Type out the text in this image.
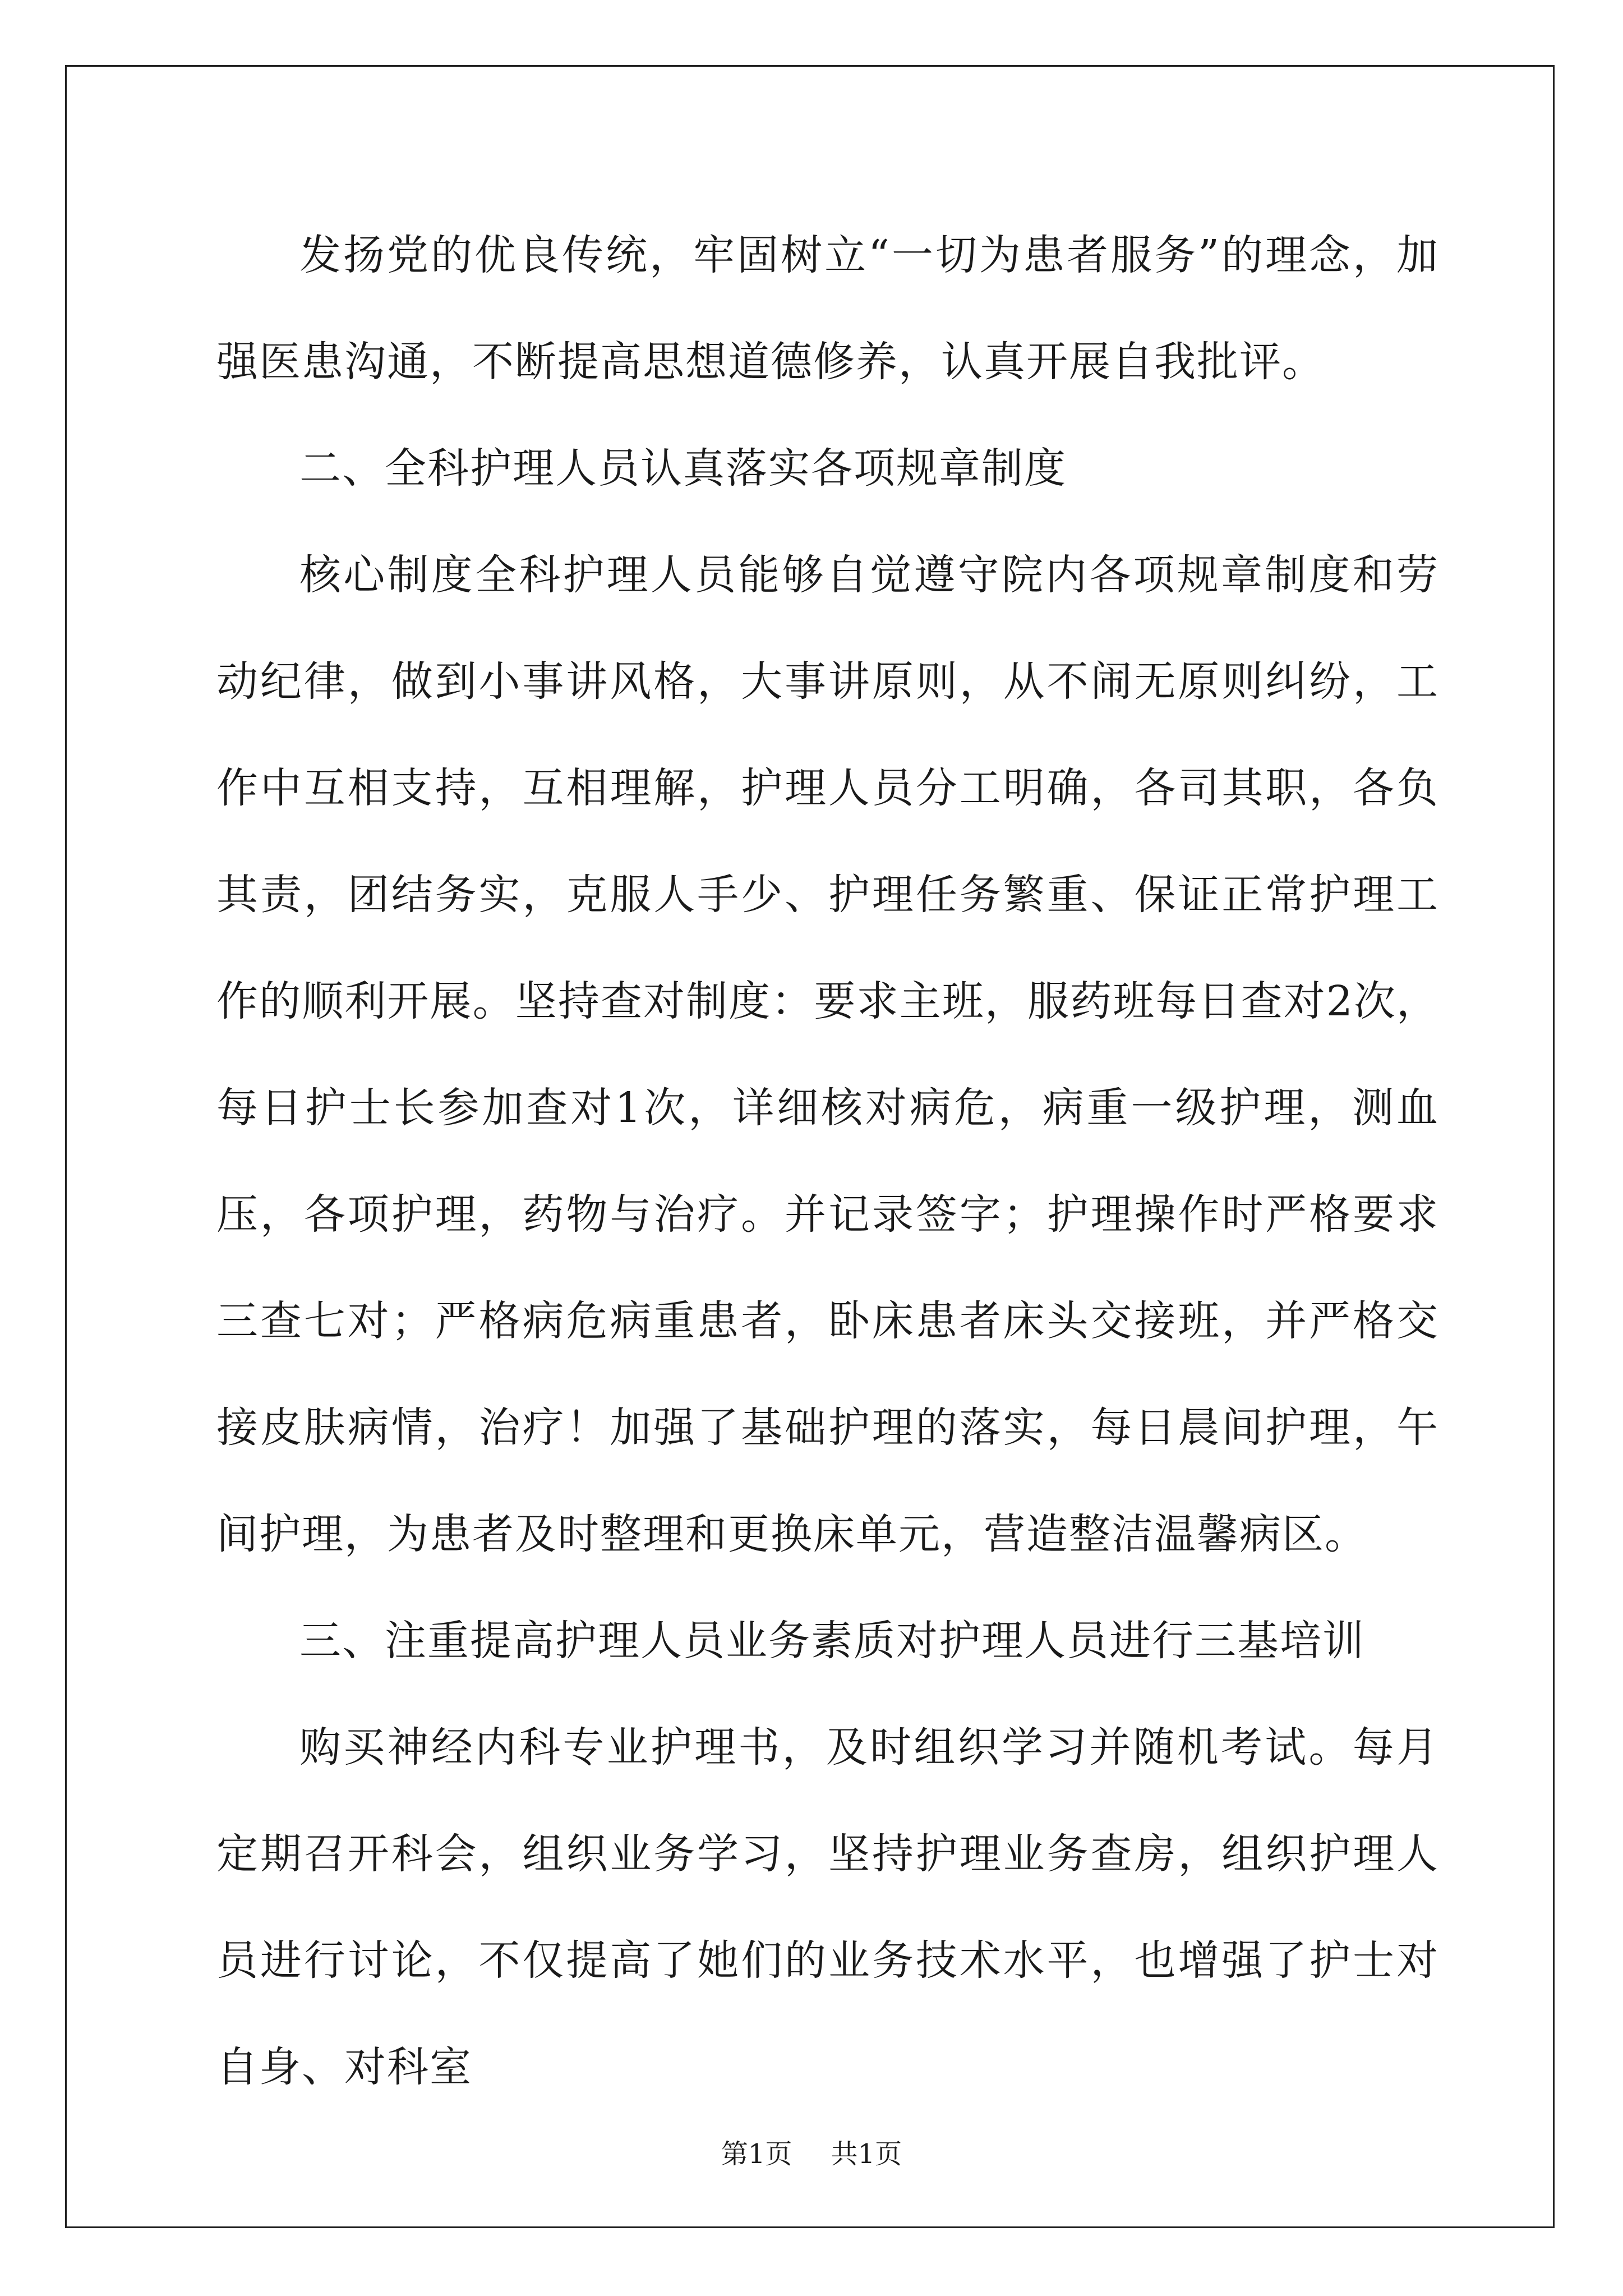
发扬党的优良传统，牢固树立“一切为患者服务”的理念，加强医患沟通，不断提高思想道德修养，认真开展自我批评。

二、全科护理人员认真落实各项规章制度

核心制度全科护理人员能够自觉遵守院内各项规章制度和劳动纪律，做到小事讲风格，大事讲原则，从不闹无原则纠纷，工作中互相支持，互相理解，护理人员分工明确，各司其职，各负其责，团结务实，克服人手少、护理任务繁重、保证正常护理工作的顺利开展。坚持查对制度：要求主班，服药班每日查对2次，每日护士长参加查对1次，详细核对病危，病重一级护理，测血压，各项护理，药物与治疗。并记录签字；护理操作时严格要求三查七对；严格病危病重患者，卧床患者床头交接班，并严格交接皮肤病情，治疗！加强了基础护理的落实，每日晨间护理，午间护理，为患者及时整理和更换床单元，营造整洁温馨病区。

三、注重提高护理人员业务素质对护理人员进行三基培训

购买神经内科专业护理书，及时组织学习并随机考试。每月定期召开科会，组织业务学习，坚持护理业务查房，组织护理人员进行讨论，不仅提高了她们的业务技术水平，也增强了护士对自身、对科室

第1页 共1页
